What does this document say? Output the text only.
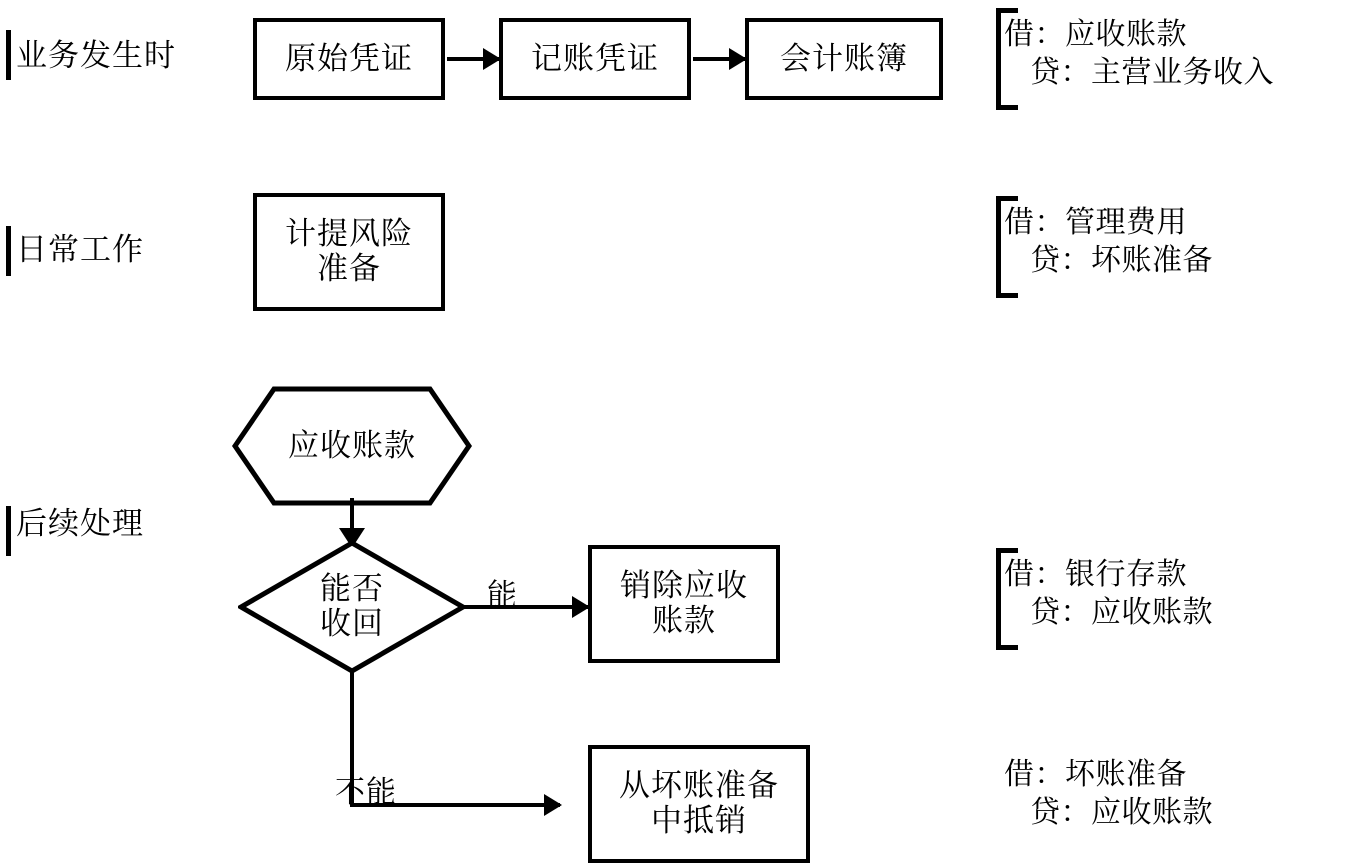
业务发生时	原始凭证	记账凭证	会计账簿
借：应收账款
贷：主营业务收入
日常工作	计提风险
准备
借：管理费用
贷：坏账准备
后续处理
应收账款
能否
收回
能	销除应收
账款
借：银行存款
贷：应收账款
不能	从坏账准备
中抵销
借：坏账准备
贷：应收账款
